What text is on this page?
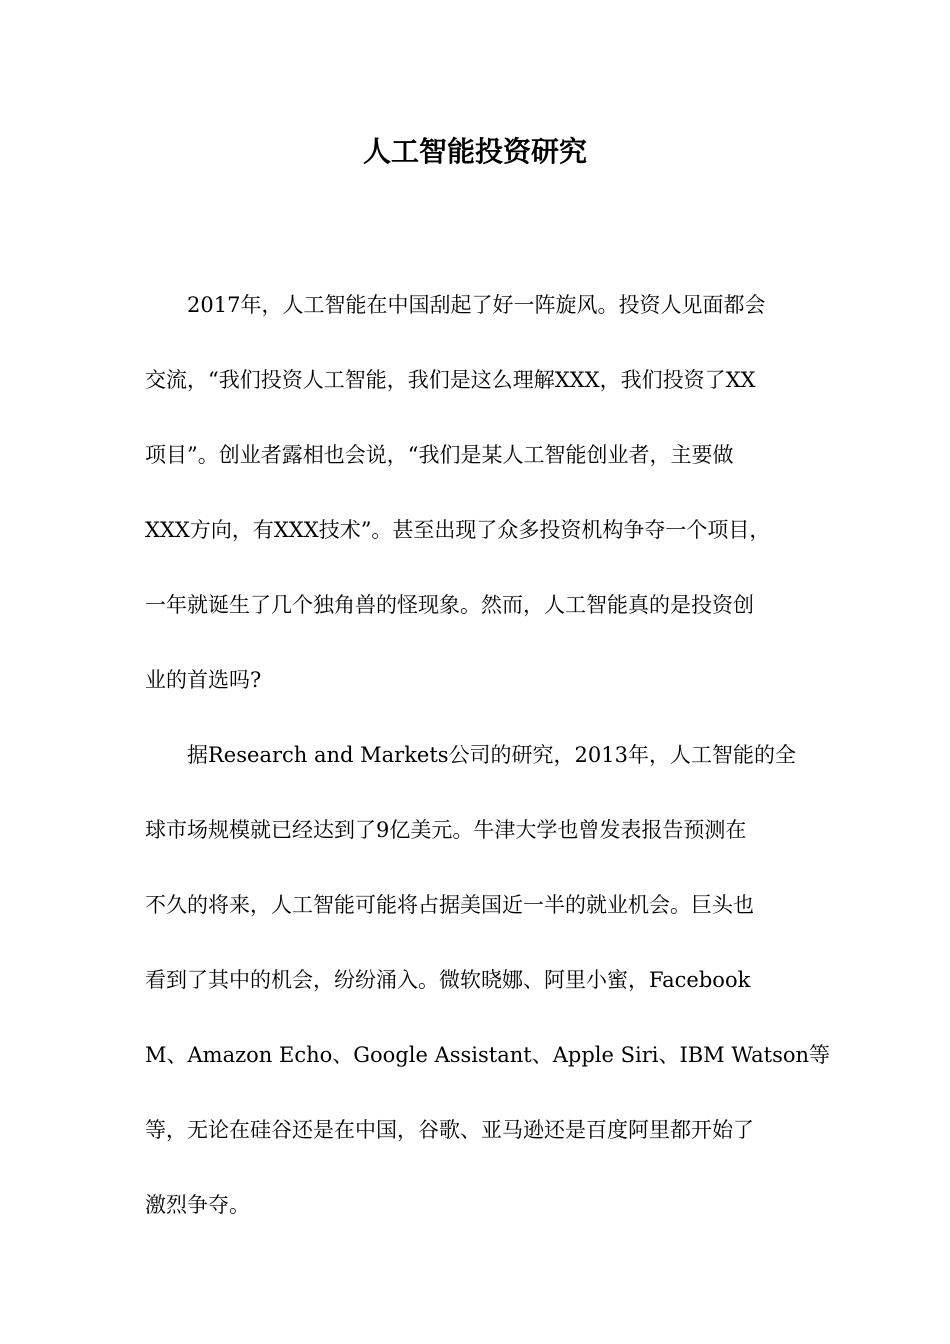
人工智能投资研究
2017年，人工智能在中国刮起了好一阵旋风。投资人见面都会
交流，“我们投资人工智能，我们是这么理解XXX，我们投资了XX
项目”。创业者露相也会说，“我们是某人工智能创业者，主要做
XXX方向，有XXX技术”。甚至出现了众多投资机构争夺一个项目，
一年就诞生了几个独角兽的怪现象。然而，人工智能真的是投资创
业的首选吗?
据Research and Markets公司的研究，2013年，人工智能的全
球市场规模就已经达到了9亿美元。牛津大学也曾发表报告预测在
不久的将来，人工智能可能将占据美国近一半的就业机会。巨头也
看到了其中的机会，纷纷涌入。微软晓娜、阿里小蜜，Facebook
M、Amazon Echo、Google Assistant、Apple Siri、IBM Watson等
等，无论在硅谷还是在中国，谷歌、亚马逊还是百度阿里都开始了
激烈争夺。
